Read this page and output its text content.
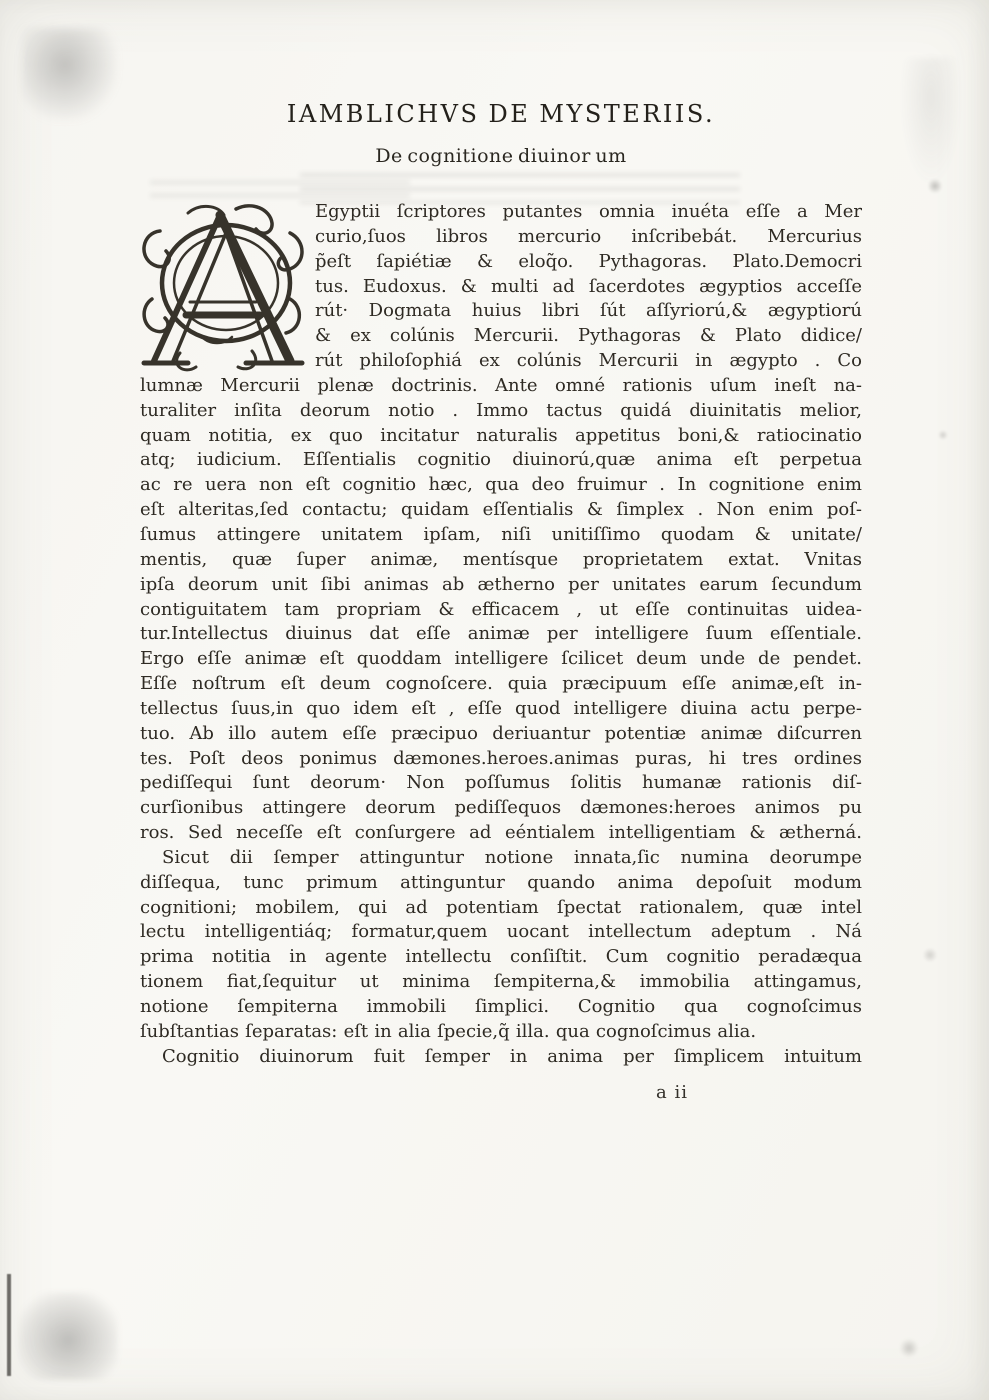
IAMBLICHVS DE MYSTERIIS.
De cognitione diuinor um
Egyptii ſcriptores putantes omnia inuéta eſſe a Mer
curio,ſuos libros mercurio inſcribebát. Mercurius
p̃eſt ſapiétiæ & eloq̃o. Pythagoras. Plato.Democri
tus. Eudoxus. & multi ad ſacerdotes ægyptios acceſſe
rút· Dogmata huius libri ſút aſſyriorú,& ægyptiorú
& ex colúnis Mercurii. Pythagoras & Plato didice/
rút philoſophiá ex colúnis Mercurii in ægypto . Co
lumnæ Mercurii plenæ doctrinis. Ante omné rationis uſum ineſt na-
turaliter inſita deorum notio . Immo tactus quidá diuinitatis melior,
quam notitia, ex quo incitatur naturalis appetitus boni,& ratiocinatio
atq; iudicium. Eſſentialis cognitio diuinorú,quæ anima eſt perpetua
ac re uera non eſt cognitio hæc, qua deo fruimur . In cognitione enim
eſt alteritas,ſed contactu; quidam eſſentialis & ſimplex . Non enim poſ-
ſumus attingere unitatem ipſam, niſi unitiſſimo quodam & unitate/
mentis, quæ ſuper animæ, mentísque proprietatem extat. Vnitas
ipſa deorum unit ſibi animas ab ætherno per unitates earum ſecundum
contiguitatem tam propriam & efficacem , ut eſſe continuitas uidea-
tur.Intellectus diuinus dat eſſe animæ per intelligere ſuum eſſentiale.
Ergo eſſe animæ eſt quoddam intelligere ſcilicet deum unde de pendet.
Eſſe noſtrum eſt deum cognoſcere. quia præcipuum eſſe animæ,eſt in-
tellectus ſuus,in quo idem eſt , eſſe quod intelligere diuina actu perpe-
tuo. Ab illo autem eſſe præcipuo deriuantur potentiæ animæ diſcurren
tes. Poſt deos ponimus dæmones.heroes.animas puras, hi tres ordines
pediſſequi ſunt deorum· Non poſſumus ſolitis humanæ rationis diſ-
curſionibus attingere deorum pediſſequos dæmones:heroes animos pu
ros. Sed neceſſe eſt conſurgere ad eéntialem intelligentiam & ætherná.
Sicut dii ſemper attinguntur notione innata,ſic numina deorumpe
diſſequa, tunc primum attinguntur quando anima depoſuit modum
cognitioni; mobilem, qui ad potentiam ſpectat rationalem, quæ intel
lectu intelligentiáq; formatur,quem uocant intellectum adeptum . Ná
prima notitia in agente intellectu conſiſtit. Cum cognitio peradæqua
tionem fiat,ſequitur ut minima ſempiterna,& immobilia attingamus,
notione ſempiterna immobili ſimplici. Cognitio qua cognoſcimus
ſubſtantias ſeparatas: eſt in alia ſpecie,q̃ illa. qua cognoſcimus alia.
Cognitio diuinorum fuit ſemper in anima per ſimplicem intuitum
a ii
